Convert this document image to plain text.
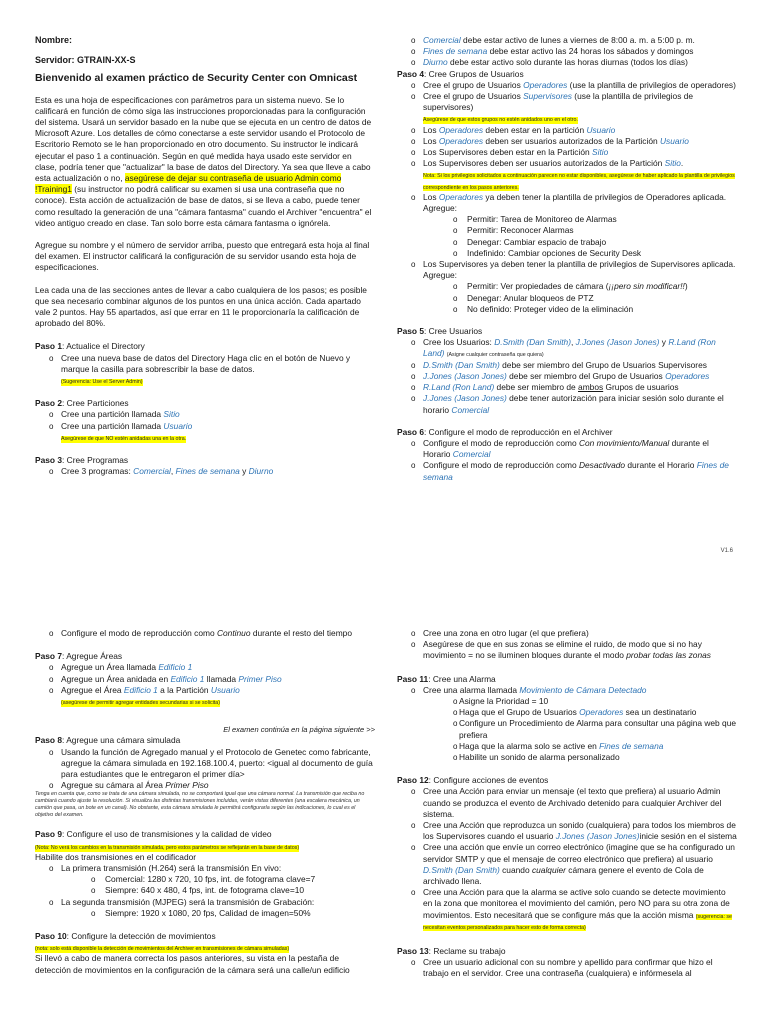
Nombre:

Servidor: GTRAIN-XX-S

Bienvenido al examen práctico de Security Center con Omnicast

Esta es una hoja de especificaciones con parámetros para un sistema nuevo. Se lo calificará en función de cómo siga las instrucciones proporcionadas para la configuración del sistema. Usará un servidor basado en la nube que se ejecuta en un centro de datos de Microsoft Azure. Los detalles de cómo conectarse a este servidor usando el Protocolo de Escritorio Remoto se le han proporcionado en otro documento. Su instructor le indicará ejecutar el paso 1 a continuación. Según en qué medida haya usado este servidor en clase, podría tener que "actualizar" la base de datos del Directory. Ya sea que lleve a cabo esta actualización o no, asegúrese de dejar su contraseña de usuario Admin como !Training1 (su instructor no podrá calificar su examen si usa una contraseña que no conoce). Esta acción de actualización de base de datos, si se lleva a cabo, puede tener como resultado la generación de una "cámara fantasma" cuando el Archiver "encuentra" el video antiguo creado en clase. Tan solo borre esta cámara fantasma o ignórela.

Agregue su nombre y el número de servidor arriba, puesto que entregará esta hoja al final del examen. El instructor calificará la configuración de su servidor usando esta hoja de especificaciones.

Lea cada una de las secciones antes de llevar a cabo cualquiera de los pasos; es posible que sea necesario combinar algunos de los puntos en una única acción. Cada apartado vale 2 puntos. Hay 55 apartados, así que errar en 11 le proporcionaría la calificación de aprobado del 80%.

Paso 1: Actualice el Directory

o Cree una nueva base de datos del Directory Haga clic en el botón de Nuevo y marque la casilla para sobrescribir la base de datos.

(Sugerencia: Use el Server Admin)

Paso 2: Cree Particiones

o Cree una partición llamada Sitio

o Cree una partición llamada Usuario

Asegúrese de que NO estén anidadas una en la otra.

Paso 3: Cree Programas

o Cree 3 programas: Comercial, Fines de semana y Diurno

o Comercial debe estar activo de lunes a viernes de 8:00 a. m. a 5:00 p. m.

o Fines de semana debe estar activo las 24 horas los sábados y domingos

o Diurno debe estar activo solo durante las horas diurnas (todos los días)

Paso 4: Cree Grupos de Usuarios

o Cree el grupo de Usuarios Operadores (use la plantilla de privilegios de operadores)

o Cree el grupo de Usuarios Supervisores (use la plantilla de privilegios de supervisores)

Asegúrese de que estos grupos no estén anidados uno en el otro.

o Los Operadores deben estar en la partición Usuario

o Los Operadores deben ser usuarios autorizados de la Partición Usuario

o Los Supervisores deben estar en la Partición Sitio

o Los Supervisores deben ser usuarios autorizados de la Partición Sitio.

Nota: Si los privilegios solicitados a continuación parecen no estar disponibles, asegúrese de haber aplicado la plantilla de privilegios correspondiente en los pasos anteriores.

o Los Operadores ya deben tener la plantilla de privilegios de Operadores aplicada. Agregue:

o Permitir: Tarea de Monitoreo de Alarmas

o Permitir: Reconocer Alarmas

o Denegar: Cambiar espacio de trabajo

o Indefinido: Cambiar opciones de Security Desk

o Los Supervisores ya deben tener la plantilla de privilegios de Supervisores aplicada. Agregue:

o Permitir: Ver propiedades de cámara (¡¡pero sin modificar!!)

o Denegar: Anular bloqueos de PTZ

o No definido: Proteger video de la eliminación

Paso 5: Cree Usuarios

o Cree los Usuarios: D.Smith (Dan Smith), J.Jones (Jason Jones) y R.Land (Ron Land) (Asigne cualquier contraseña que quiera)

o D.Smith (Dan Smith) debe ser miembro del Grupo de Usuarios Supervisores

o J.Jones (Jason Jones) debe ser miembro del Grupo de Usuarios Operadores

o R.Land (Ron Land) debe ser miembro de ambos Grupos de usuarios

o J.Jones (Jason Jones) debe tener autorización para iniciar sesión solo durante el horario Comercial

Paso 6: Configure el modo de reproducción en el Archiver

o Configure el modo de reproducción como Con movimiento/Manual durante el Horario Comercial

o Configure el modo de reproducción como Desactivado durante el Horario Fines de semana

V1.6

o Configure el modo de reproducción como Continuo durante el resto del tiempo

Paso 7: Agregue Áreas

o Agregue un Área llamada Edificio 1

o Agregue un Área anidada en Edificio 1 llamada Primer Piso

o Agregue el Área Edificio 1 a la Partición Usuario

(asegúrese de permitir agregar entidades secundarias si se solicita)

El examen continúa en la página siguiente >>

Paso 8: Agregue una cámara simulada

o Usando la función de Agregado manual y el Protocolo de Genetec como fabricante, agregue la cámara simulada en 192.168.100.4, puerto: <igual al documento de guía para estudiantes que le entregaron el primer día>

o Agregue su cámara al Área Primer Piso

Tenga en cuenta que, como se trata de una cámara simulada, no se comportará igual que una cámara normal. La transmisión que reciba no cambiará cuando ajuste la resolución. Si visualiza las distintas transmisiones incluidas, verán vistas diferentes (una escalera mecánica, un camión que pasa, un bote en un canal). No obstante, esta cámara simulada le permitirá configurarla según las indicaciones, lo cual es el objetivo del examen.

Paso 9: Configure el uso de transmisiones y la calidad de video

(Nota: No verá los cambios en la transmisión simulada, pero estos parámetros se reflejarán en la base de datos)

Habilite dos transmisiones en el codificador

o La primera transmisión (H.264) será la transmisión En vivo:

o Comercial: 1280 x 720, 10 fps, int. de fotograma clave=7

o Siempre: 640 x 480, 4 fps, int. de fotograma clave=10

o La segunda transmisión (MJPEG) será la transmisión de Grabación:

o Siempre: 1920 x 1080, 20 fps, Calidad de imagen=50%

Paso 10: Configure la detección de movimientos

(nota: solo está disponible la detección de movimientos del Archiver en transmisiones de cámara simuladas)

Si llevó a cabo de manera correcta los pasos anteriores, su vista en la pestaña de detección de movimientos en la configuración de la cámara será una calle/un edificio

o Cree una zona en otro lugar (el que prefiera)

o Asegúrese de que en sus zonas se elimine el ruido, de modo que si no hay movimiento = no se iluminen bloques durante el modo probar todas las zonas

Paso 11: Cree una Alarma

o Cree una alarma llamada Movimiento de Cámara Detectado

o Asigne la Prioridad = 10

o Haga que el Grupo de Usuarios Operadores sea un destinatario

o Configure un Procedimiento de Alarma para consultar una página web que prefiera

o Haga que la alarma solo se active en Fines de semana

o Habilite un sonido de alarma personalizado

Paso 12: Configure acciones de eventos

o Cree una Acción para enviar un mensaje (el texto que prefiera) al usuario Admin cuando se produzca el evento de Archivado detenido para cualquier Archiver del sistema.

o Cree una Acción que reproduzca un sonido (cualquiera) para todos los miembros de los Supervisores cuando el usuario J.Jones (Jason Jones)inicie sesión en el sistema

o Cree una acción que envíe un correo electrónico (imagine que se ha configurado un servidor SMTP y que el mensaje de correo electrónico que prefiera) al usuario D.Smith (Dan Smith) cuando cualquier cámara genere el evento de Cola de archivado llena.

o Cree una Acción para que la alarma se active solo cuando se detecte movimiento en la zona que monitorea el movimiento del camión, pero NO para su otra zona de movimientos. Esto necesitará que se configure más que la acción misma (sugerencia: se necesitan eventos personalizados para hacer esto de forma correcta)

Paso 13: Reclame su trabajo

o Cree un usuario adicional con su nombre y apellido para confirmar que hizo el trabajo en el servidor. Cree una contraseña (cualquiera) e infórmesela al
